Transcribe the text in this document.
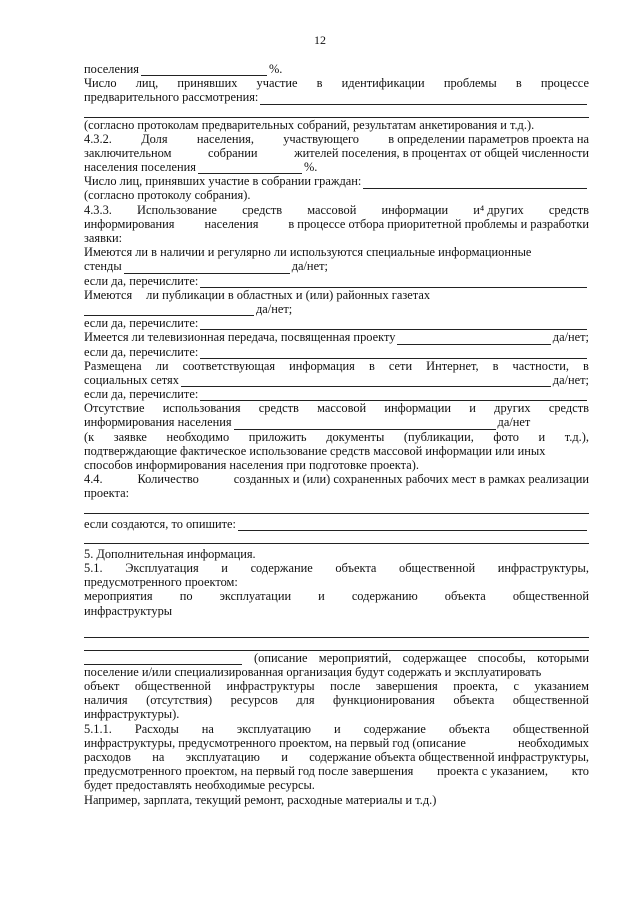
12
поселения	%.
Число лиц, принявших участие в идентификации проблемы в процессе
предварительного рассмотрения:
(согласно протоколам предварительных собраний, результатам анкетирования и т.д.).
4.3.2. Доля населения, участвующего в определении параметров проекта на
заключительном	собрании	жителей поселения, в процентах от общей численности
населения поселения	%.
Число лиц, принявших участие в собрании граждан:
(согласно протоколу собрания).
4.3.3. Использование средств массовой информации и⁴ других средств
информирования населения в процессе отбора приоритетной проблемы и разработки
заявки:
Имеются ли в наличии и регулярно ли используются специальные информационные
стенды	да/нет;
если да, перечислите:
Имеются ли публикации в областных и (или) районных газетах
да/нет;
если да, перечислите:
Имеется ли телевизионная передача, посвященная проекту	да/нет;
если да, перечислите:
Размещена ли соответствующая информация в сети Интернет, в частности, в
социальных сетях	да/нет;
если да, перечислите:
Отсутствие использования средств массовой информации и других средств
информирования населения	да/нет
(к заявке необходимо приложить документы (публикации, фото и т.д.),
подтверждающие фактическое использование средств массовой информации или иных
способов информирования населения при подготовке проекта).
4.4.	Количество	созданных и (или) сохраненных рабочих мест в рамках реализации
проекта:
если создаются, то опишите:
5. Дополнительная информация.
5.1. Эксплуатация и содержание объекта общественной инфраструктуры,
предусмотренного проектом:
мероприятия по эксплуатации и содержанию объекта общественной
инфраструктуры
(описание мероприятий, содержащее способы, которыми
поселение и/или специализированная организация будут содержать и эксплуатировать
объект общественной инфраструктуры после завершения проекта, с указанием
наличия (отсутствия) ресурсов для функционирования объекта общественной
инфраструктуры).
5.1.1. Расходы на эксплуатацию и содержание объекта общественной
инфраструктуры, предусмотренного проектом, на первый год (описание	необходимых
расходов на эксплуатацию и содержание объекта общественной инфраструктуры,
предусмотренного проектом, на первый год после завершения проекта с указанием, кто
будет предоставлять необходимые ресурсы.
Например, зарплата, текущий ремонт, расходные материалы и т.д.)
